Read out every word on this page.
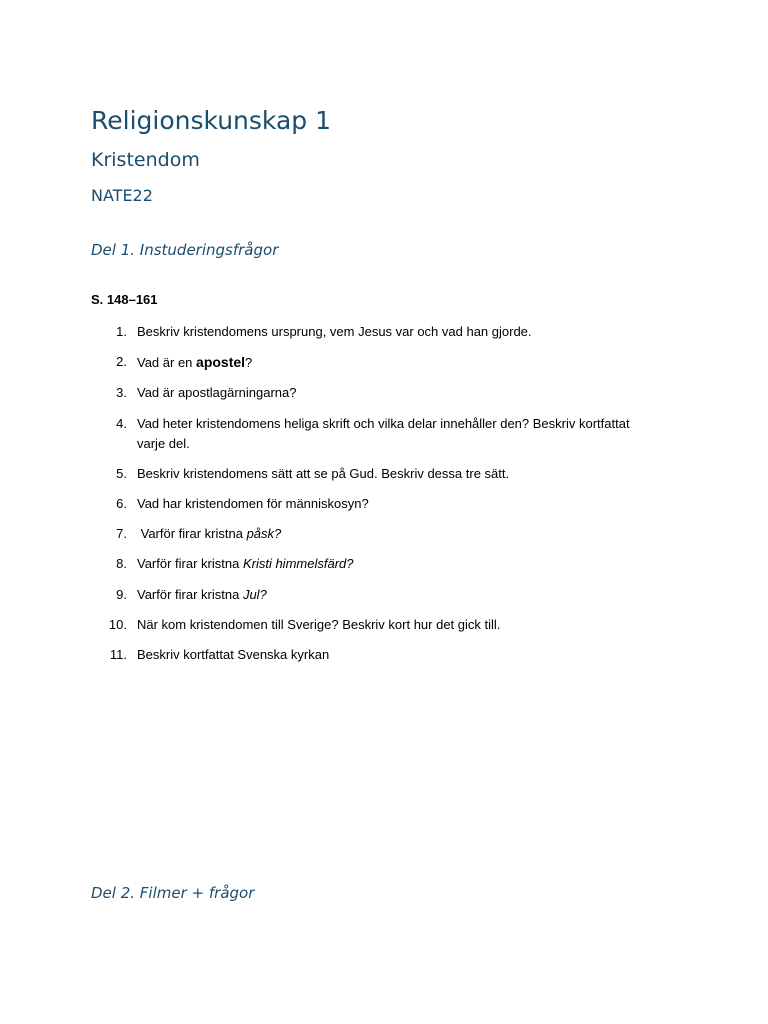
Religionskunskap 1
Kristendom
NATE22
Del 1. Instuderingsfrågor
S. 148–161
1. Beskriv kristendomens ursprung, vem Jesus var och vad han gjorde.
2. Vad är en apostel?
3. Vad är apostlagärningarna?
4. Vad heter kristendomens heliga skrift och vilka delar innehåller den? Beskriv kortfattat varje del.
5. Beskriv kristendomens sätt att se på Gud. Beskriv dessa tre sätt.
6. Vad har kristendomen för människosyn?
7. Varför firar kristna påsk?
8. Varför firar kristna Kristi himmelsfärd?
9. Varför firar kristna Jul?
10. När kom kristendomen till Sverige? Beskriv kort hur det gick till.
11. Beskriv kortfattat Svenska kyrkan
Del 2. Filmer + frågor
